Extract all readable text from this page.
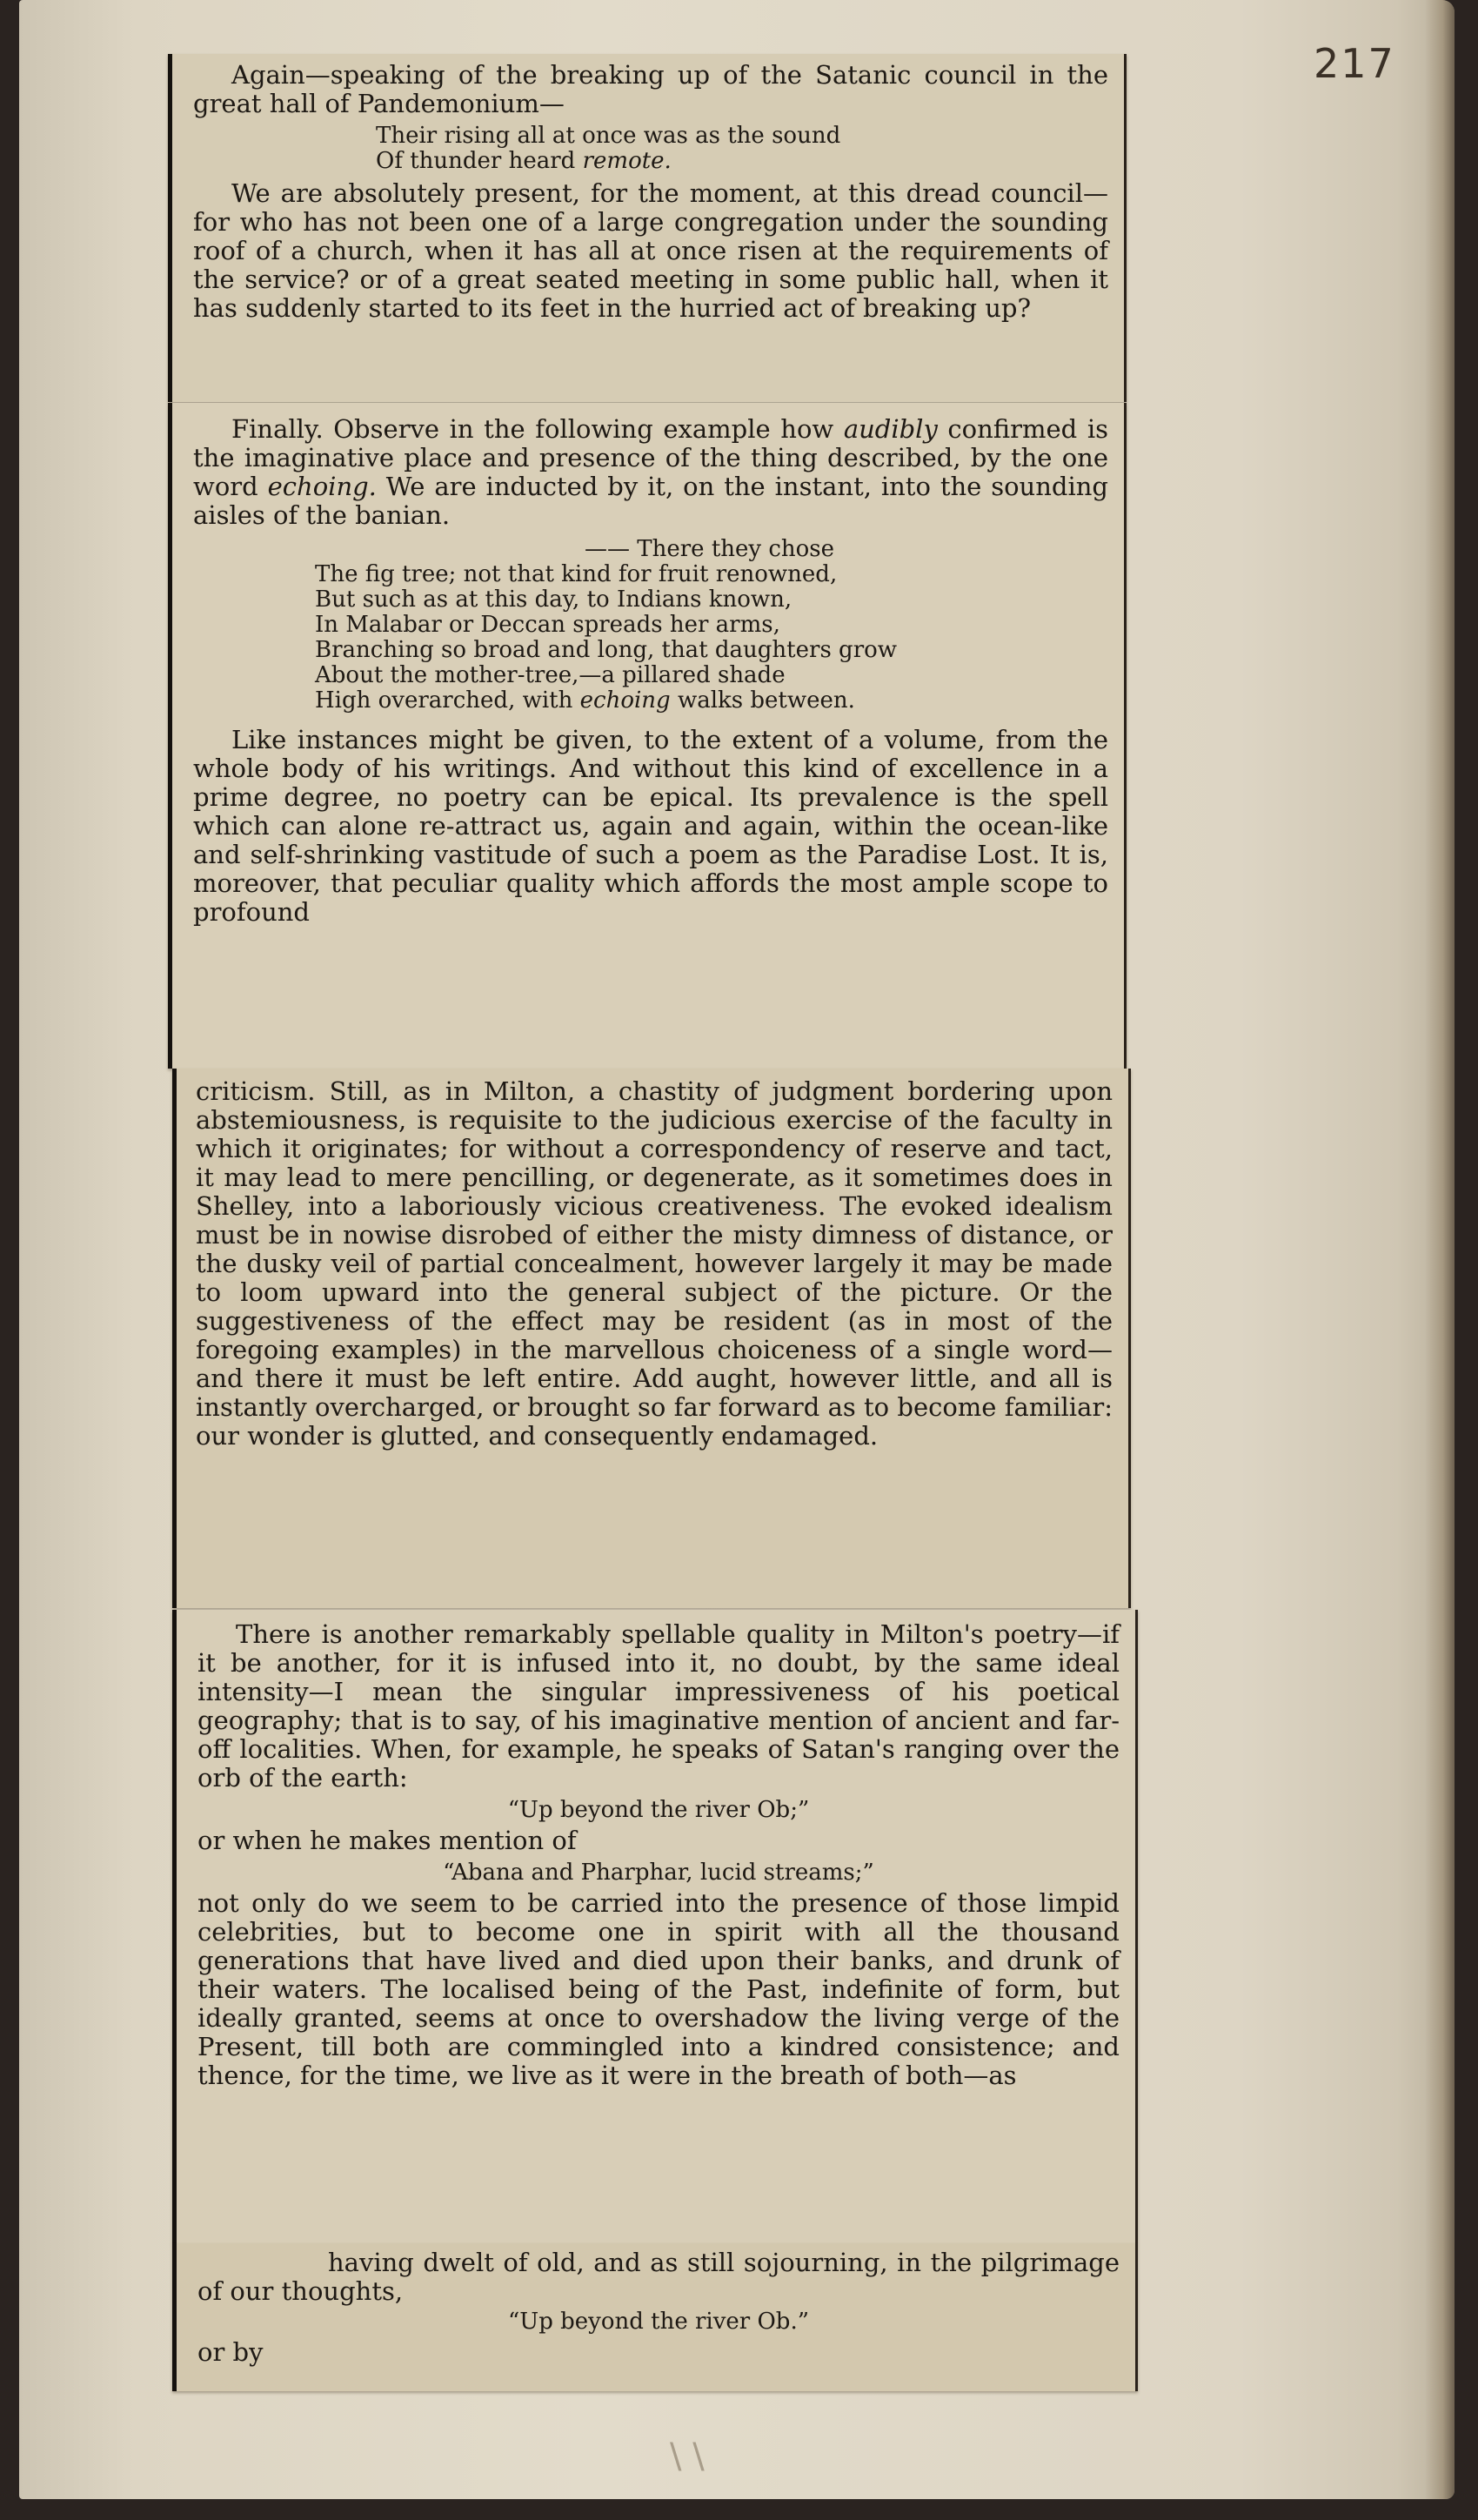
217

Again—speaking of the breaking up of the Satanic council in the great hall of Pandemonium—

Their rising all at once was as the sound
Of thunder heard remote.

We are absolutely present, for the moment, at this dread council—for who has not been one of a large congregation under the sounding roof of a church, when it has all at once risen at the requirements of the service? or of a great seated meeting in some public hall, when it has suddenly started to its feet in the hurried act of breaking up?

Finally. Observe in the following example how audibly confirmed is the imaginative place and presence of the thing described, by the one word echoing. We are inducted by it, on the instant, into the sounding aisles of the banian.

—— There they chose
The fig tree; not that kind for fruit renowned,
But such as at this day, to Indians known,
In Malabar or Deccan spreads her arms,
Branching so broad and long, that daughters grow
About the mother-tree,—a pillared shade
High overarched, with echoing walks between.

Like instances might be given, to the extent of a volume, from the whole body of his writings. And without this kind of excellence in a prime degree, no poetry can be epical. Its prevalence is the spell which can alone re-attract us, again and again, within the ocean-like and self-shrinking vastitude of such a poem as the Paradise Lost. It is, moreover, that peculiar quality which affords the most ample scope to profound

criticism. Still, as in Milton, a chastity of judgment bordering upon abstemiousness, is requisite to the judicious exercise of the faculty in which it originates; for without a correspondency of reserve and tact, it may lead to mere pencilling, or degenerate, as it sometimes does in Shelley, into a laboriously vicious creativeness. The evoked idealism must be in nowise disrobed of either the misty dimness of distance, or the dusky veil of partial concealment, however largely it may be made to loom upward into the general subject of the picture. Or the suggestiveness of the effect may be resident (as in most of the foregoing examples) in the marvellous choiceness of a single word—and there it must be left entire. Add aught, however little, and all is instantly overcharged, or brought so far forward as to become familiar: our wonder is glutted, and consequently endamaged.

There is another remarkably spellable quality in Milton's poetry—if it be another, for it is infused into it, no doubt, by the same ideal intensity—I mean the singular impressiveness of his poetical geography; that is to say, of his imaginative mention of ancient and far-off localities. When, for example, he speaks of Satan's ranging over the orb of the earth:

“Up beyond the river Ob;”

or when he makes mention of

“Abana and Pharphar, lucid streams;”

not only do we seem to be carried into the presence of those limpid celebrities, but to become one in spirit with all the thousand generations that have lived and died upon their banks, and drunk of their waters. The localised being of the Past, indefinite of form, but ideally granted, seems at once to overshadow the living verge of the Present, till both are commingled into a kindred consistence; and thence, for the time, we live as it were in the breath of both—as

having dwelt of old, and as still sojourning, in the pilgrimage of our thoughts,

“Up beyond the river Ob.”

or by

\ \
